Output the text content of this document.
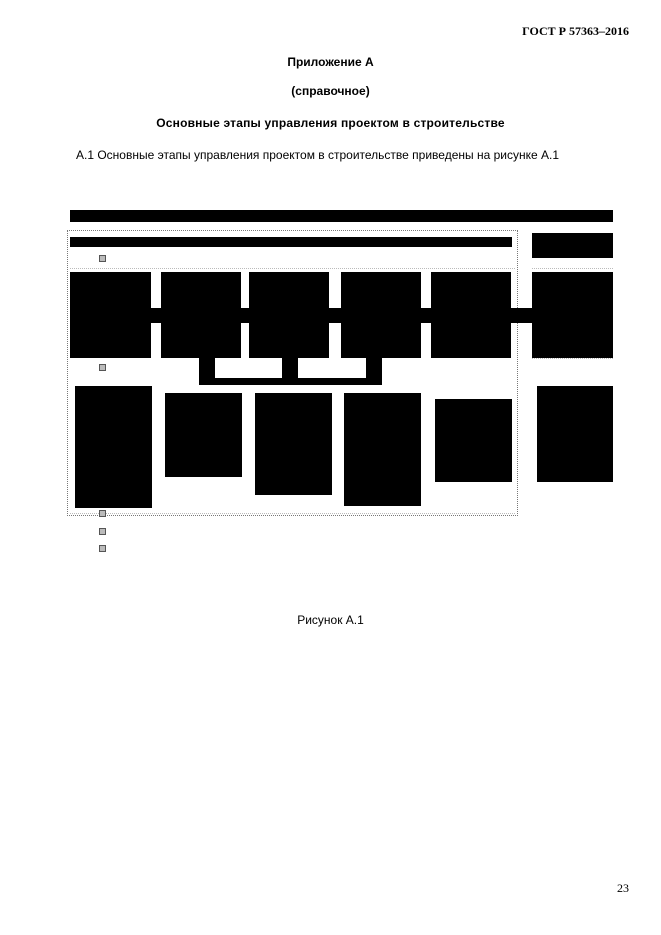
ГОСТ Р 57363–2016
Приложение А
(справочное)
Основные этапы управления проектом в строительстве
А.1 Основные этапы управления проектом в строительстве приведены на рисунке А.1
Рисунок А.1
23
